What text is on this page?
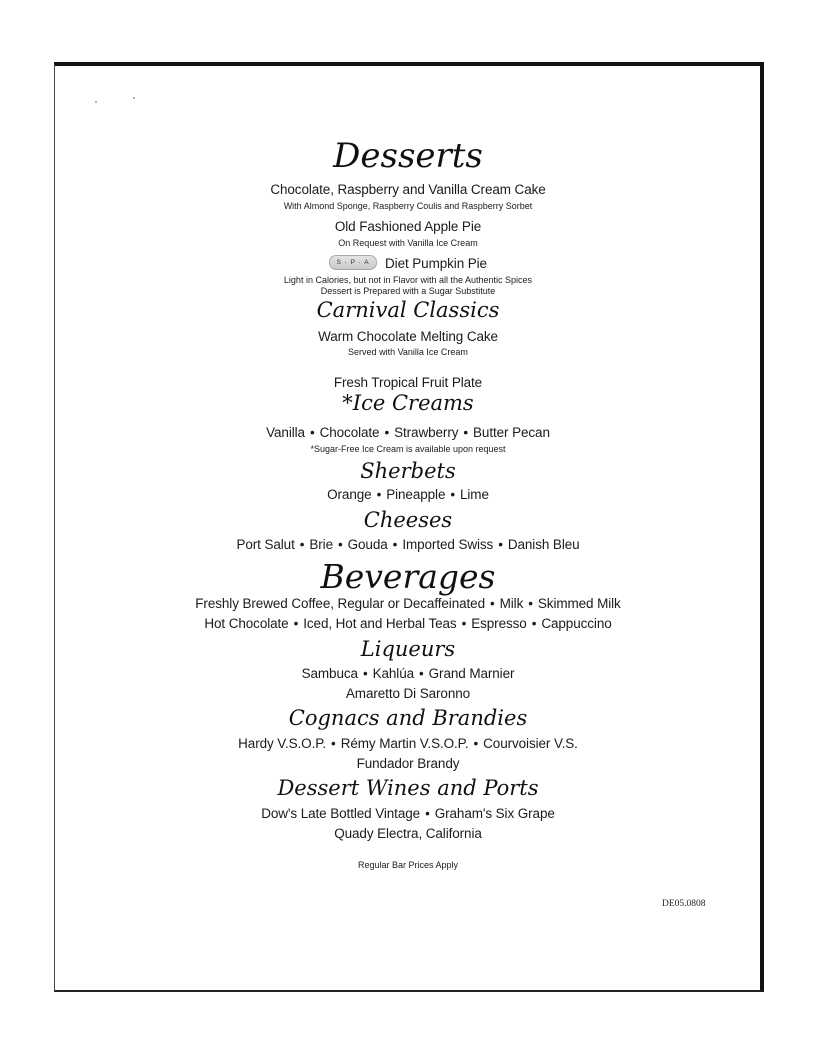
Desserts
Chocolate, Raspberry and Vanilla Cream Cake
With Almond Sponge, Raspberry Coulis and Raspberry Sorbet
Old Fashioned Apple Pie
On Request with Vanilla Ice Cream
S · P · A Diet Pumpkin Pie
Light in Calories, but not in Flavor with all the Authentic Spices
Dessert is Prepared with a Sugar Substitute
Carnival Classics
Warm Chocolate Melting Cake
Served with Vanilla Ice Cream
Fresh Tropical Fruit Plate
*Ice Creams
Vanilla • Chocolate • Strawberry • Butter Pecan
*Sugar-Free Ice Cream is available upon request
Sherbets
Orange • Pineapple • Lime
Cheeses
Port Salut • Brie • Gouda • Imported Swiss • Danish Bleu
Beverages
Freshly Brewed Coffee, Regular or Decaffeinated • Milk • Skimmed Milk
Hot Chocolate • Iced, Hot and Herbal Teas • Espresso • Cappuccino
Liqueurs
Sambuca • Kahlúa • Grand Marnier
Amaretto Di Saronno
Cognacs and Brandies
Hardy V.S.O.P. • Rémy Martin V.S.O.P. • Courvoisier V.S.
Fundador Brandy
Dessert Wines and Ports
Dow's Late Bottled Vintage • Graham's Six Grape
Quady Electra, California
Regular Bar Prices Apply
DE05.0808
